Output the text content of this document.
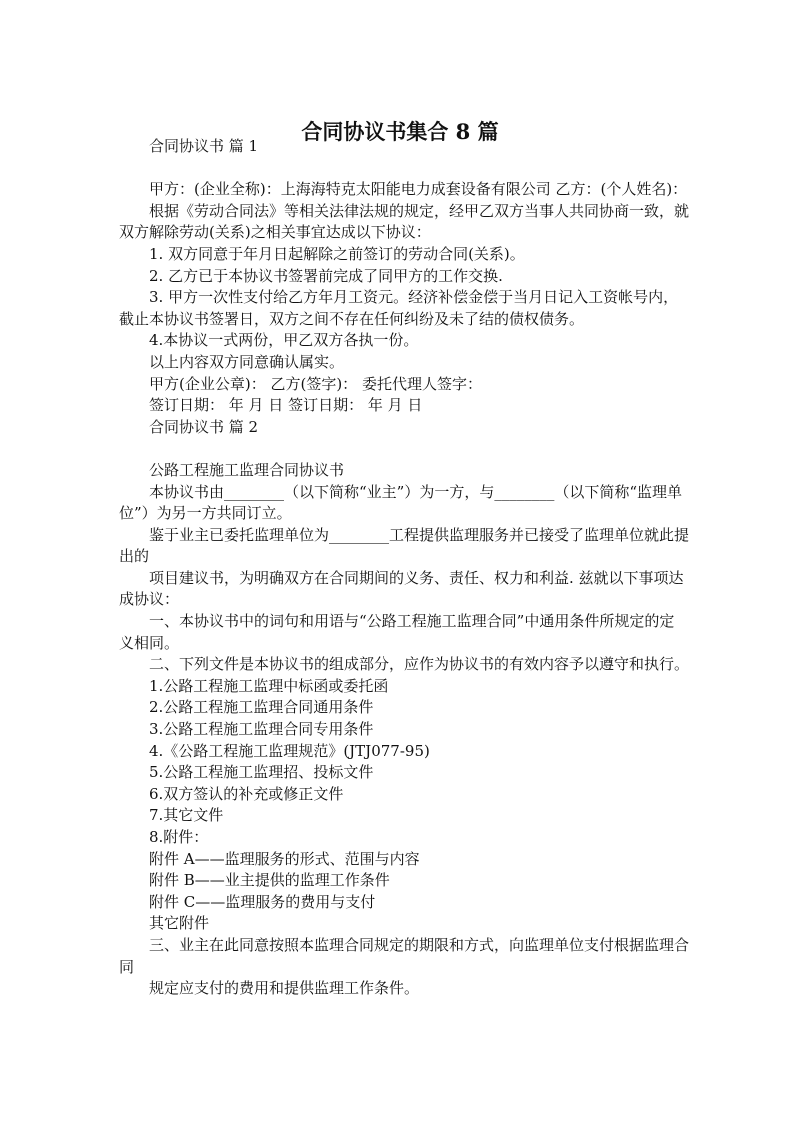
合同协议书集合 8 篇

合同协议书 篇 1

甲方：(企业全称)：上海海特克太阳能电力成套设备有限公司 乙方：(个人姓名)：

根据《劳动合同法》等相关法律法规的规定，经甲乙双方当事人共同协商一致，就双方解除劳动(关系)之相关事宜达成以下协议：

1. 双方同意于年月日起解除之前签订的劳动合同(关系)。

2. 乙方已于本协议书签署前完成了同甲方的工作交换.

3. 甲方一次性支付给乙方年月工资元。经济补偿金偿于当月日记入工资帐号内，截止本协议书签署日，双方之间不存在任何纠纷及未了结的债权债务。

4.本协议一式两份，甲乙双方各执一份。

以上内容双方同意确认属实。

甲方(企业公章)： 乙方(签字)： 委托代理人签字：

签订日期： 年 月 日 签订日期： 年 月 日

合同协议书 篇 2

公路工程施工监理合同协议书

本协议书由________（以下简称“业主”）为一方，与________（以下简称“监理单位”）为另一方共同订立。

鉴于业主已委托监理单位为________工程提供监理服务并已接受了监理单位就此提出的

项目建议书，为明确双方在合同期间的义务、责任、权力和利益. 兹就以下事项达成协议：

一、本协议书中的词句和用语与“公路工程施工监理合同”中通用条件所规定的定义相同。

二、下列文件是本协议书的组成部分，应作为协议书的有效内容予以遵守和执行。

1.公路工程施工监理中标函或委托函

2.公路工程施工监理合同通用条件

3.公路工程施工监理合同专用条件

4.《公路工程施工监理规范》(JTJ077-95)

5.公路工程施工监理招、投标文件

6.双方签认的补充或修正文件

7.其它文件

8.附件：

附件 A——监理服务的形式、范围与内容

附件 B——业主提供的监理工作条件

附件 C——监理服务的费用与支付

其它附件

三、业主在此同意按照本监理合同规定的期限和方式，向监理单位支付根据监理合同

规定应支付的费用和提供监理工作条件。
